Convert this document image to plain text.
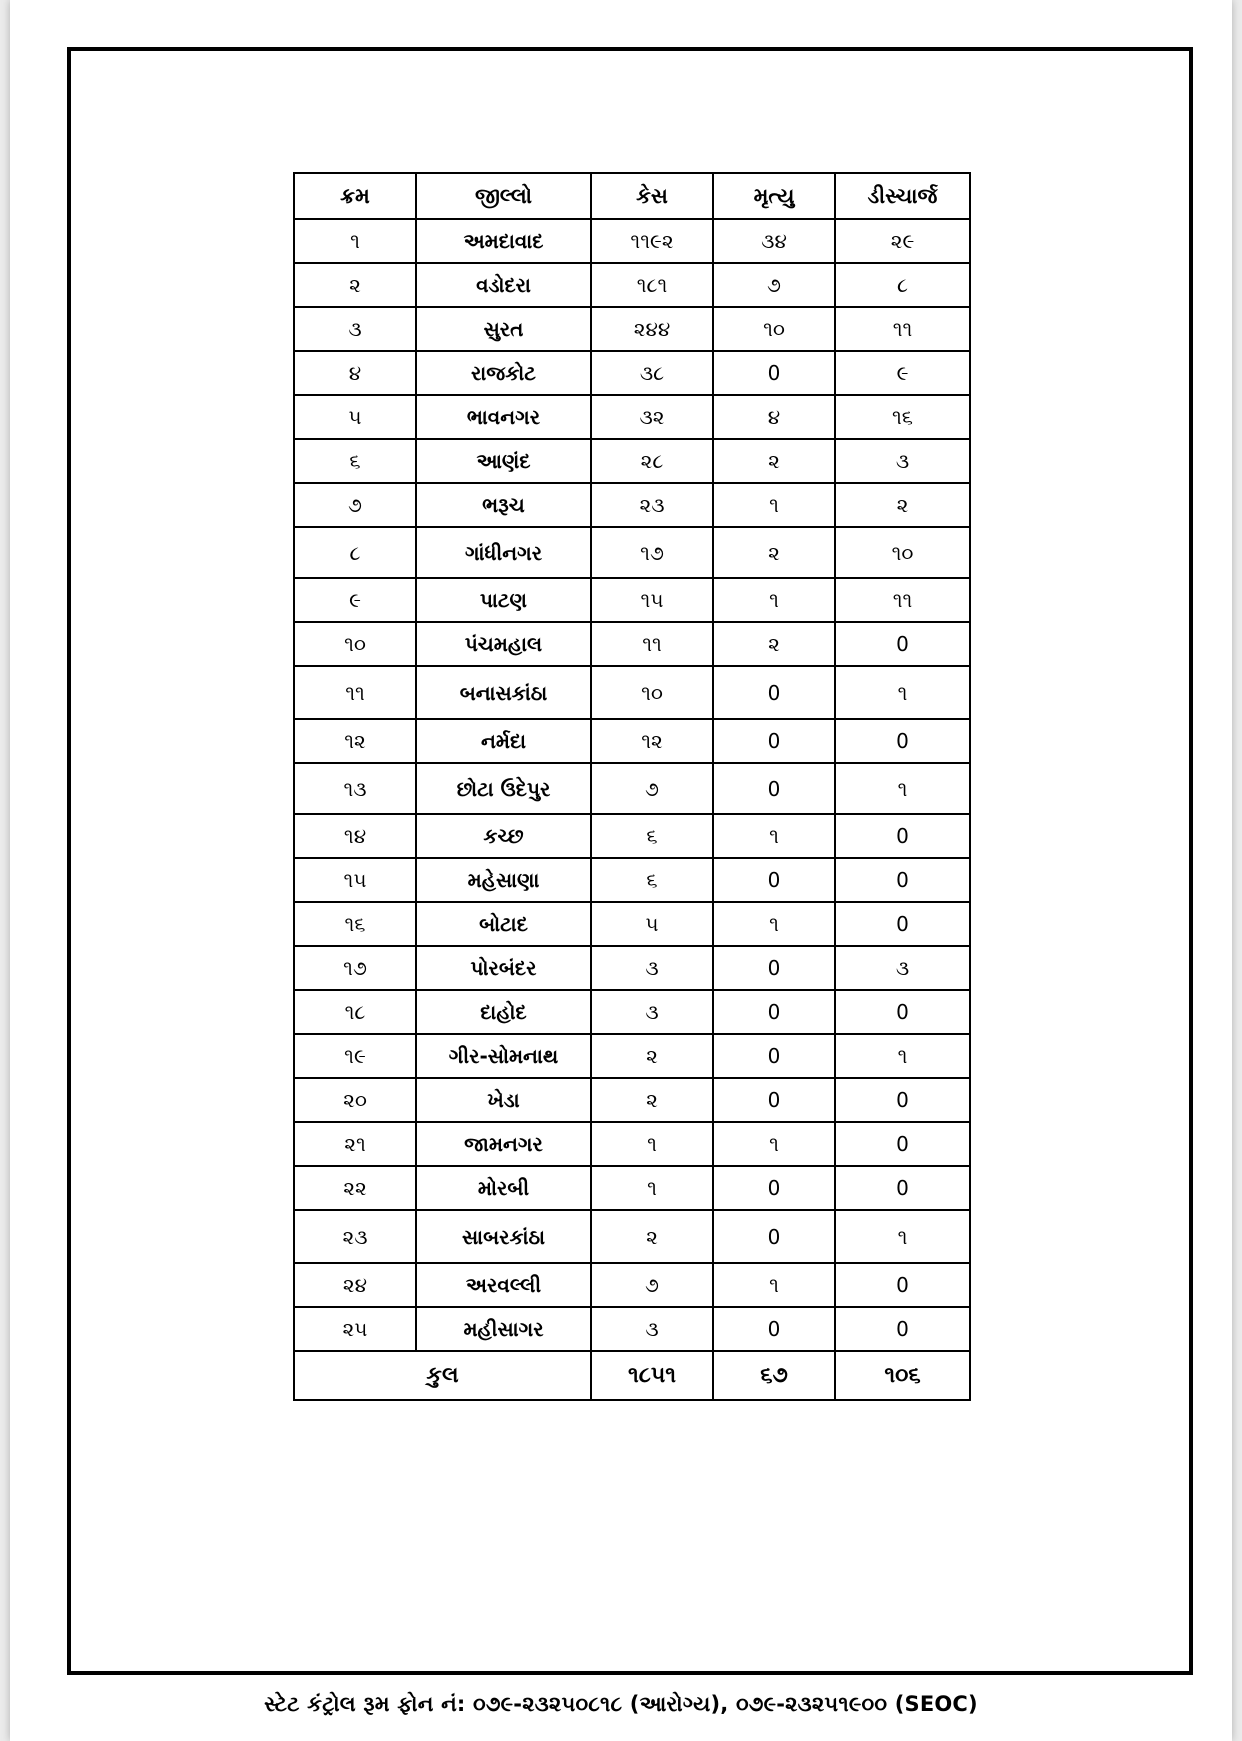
ક્રમ	જીલ્લો	કેસ	મૃત્યુ	ડીસ્ચાર્જ
૧	અમદાવાદ	૧૧૯૨	૩૪	૨૯
૨	વડોદરા	૧૮૧	૭	૮
૩	સુરત	૨૪૪	૧૦	૧૧
૪	રાજકોટ	૩૮	0	૯
૫	ભાવનગર	૩૨	૪	૧૬
૬	આણંદ	૨૮	૨	૩
૭	ભરૂચ	૨૩	૧	૨
૮	ગાંધીનગર	૧૭	૨	૧૦
૯	પાટણ	૧૫	૧	૧૧
૧૦	પંચમહાલ	૧૧	૨	0
૧૧	બનાસકાંઠા	૧૦	0	૧
૧૨	નર્મદા	૧૨	0	0
૧૩	છોટા ઉદેપુર	૭	0	૧
૧૪	કચ્છ	૬	૧	0
૧૫	મહેસાણા	૬	0	0
૧૬	બોટાદ	૫	૧	0
૧૭	પોરબંદર	૩	0	૩
૧૮	દાહોદ	૩	0	0
૧૯	ગીર-સોમનાથ	૨	0	૧
૨૦	ખેડા	૨	0	0
૨૧	જામનગર	૧	૧	0
૨૨	મોરબી	૧	0	0
૨૩	સાબરકાંઠા	૨	0	૧
૨૪	અરવલ્લી	૭	૧	0
૨૫	મહીસાગર	૩	0	0
કુલ		૧૮૫૧	૬૭	૧૦૬
સ્ટેટ કંટ્રોલ રૂમ ફોન નં: ૦૭૯-૨૩૨૫૦૮૧૮ (આરોગ્ય), ૦૭૯-૨૩૨૫૧૯૦૦ (SEOC)
